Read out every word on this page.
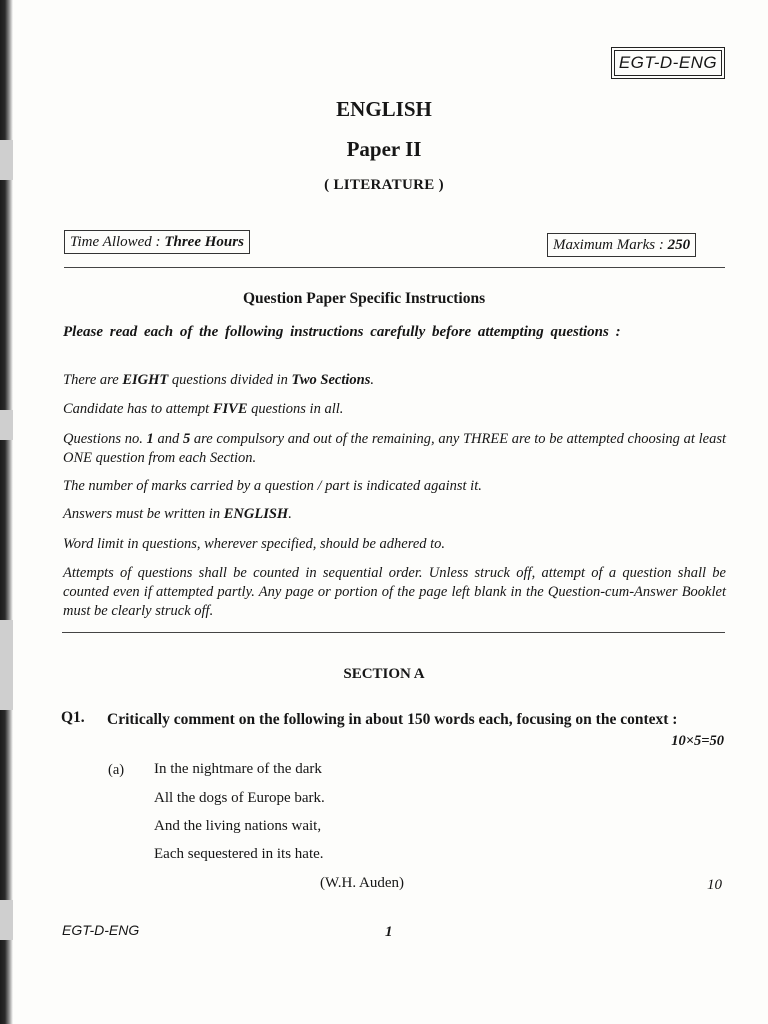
EGT-D-ENG
ENGLISH
Paper II
( LITERATURE )
Time Allowed : Three Hours	Maximum Marks : 250
Question Paper Specific Instructions
Please read each of the following instructions carefully before attempting questions :
There are EIGHT questions divided in Two Sections.
Candidate has to attempt FIVE questions in all.
Questions no. 1 and 5 are compulsory and out of the remaining, any THREE are to be attempted choosing at least ONE question from each Section.
The number of marks carried by a question / part is indicated against it.
Answers must be written in ENGLISH.
Word limit in questions, wherever specified, should be adhered to.
Attempts of questions shall be counted in sequential order. Unless struck off, attempt of a question shall be counted even if attempted partly. Any page or portion of the page left blank in the Question-cum-Answer Booklet must be clearly struck off.
SECTION A
Q1. Critically comment on the following in about 150 words each, focusing on the context :
10×5=50
(a) In the nightmare of the dark
All the dogs of Europe bark.
And the living nations wait,
Each sequestered in its hate.
(W.H. Auden)	10
EGT-D-ENG	1
